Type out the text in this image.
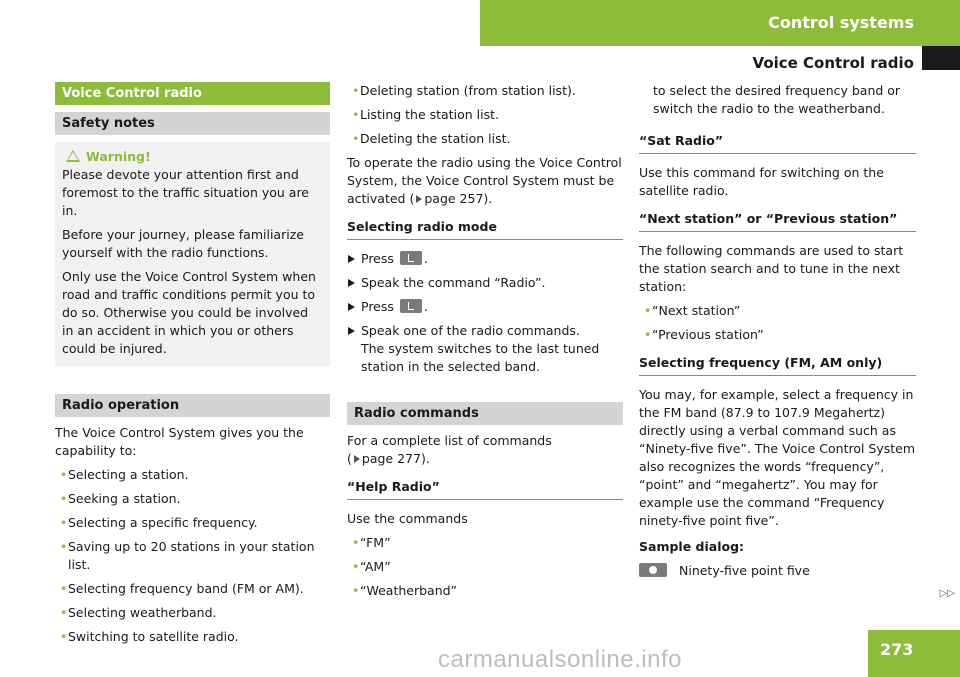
Control systems
Voice Control radio
Voice Control radio
Safety notes
Warning!

Please devote your attention first and foremost to the traffic situation you are in.

Before your journey, please familiarize yourself with the radio functions.

Only use the Voice Control System when road and traffic conditions permit you to do so. Otherwise you could be involved in an accident in which you or others could be injured.

Radio operation

The Voice Control System gives you the capability to:

• Selecting a station.
• Seeking a station.
• Selecting a specific frequency.
• Saving up to 20 stations in your station list.
• Selecting frequency band (FM or AM).
• Selecting weatherband.
• Switching to satellite radio.
• Deleting station (from station list).
• Listing the station list.
• Deleting the station list.

To operate the radio using the Voice Control System, the Voice Control System must be activated ( page 257).

Selecting radio mode
Press .
Speak the command “Radio”.
Press .
Speak one of the radio commands.
The system switches to the last tuned station in the selected band.
Radio commands

For a complete list of commands
( page 277).

“Help Radio”

Use the commands

• “FM”
• “AM”
• “Weatherband”

to select the desired frequency band or switch the radio to the weatherband.

“Sat Radio”

Use this command for switching on the satellite radio.

“Next station” or “Previous station”

The following commands are used to start the station search and to tune in the next station:

• “Next station”
• “Previous station”
Selecting frequency (FM, AM only)

You may, for example, select a frequency in the FM band (87.9 to 107.9 Megahertz) directly using a verbal command such as “Ninety-five five”. The Voice Control System also recognizes the words “frequency”, “point” and “megahertz”. You may for example use the command “Frequency ninety-five point five”.

Sample dialog:

Ninety-five point five

▷▷
273
carmanualsonline.info
